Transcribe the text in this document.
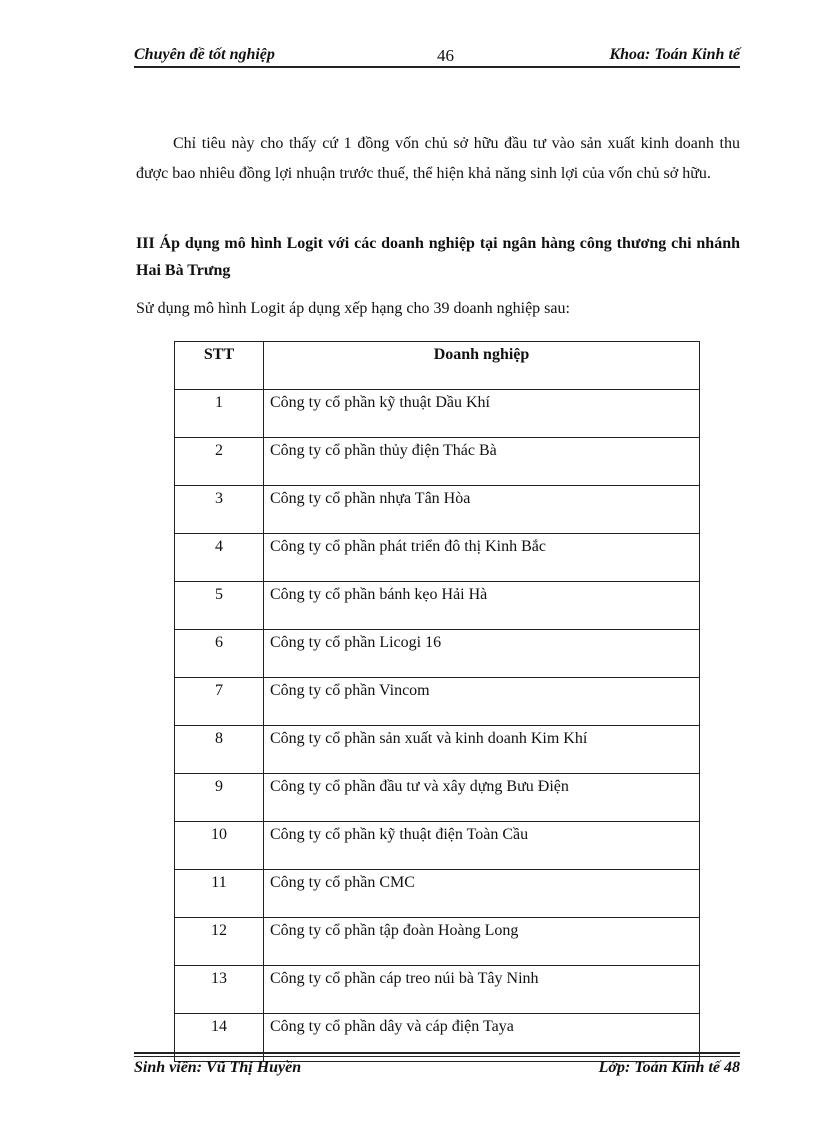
Chuyên đề tốt nghiệp	46	Khoa: Toán Kinh tế
Chỉ tiêu này cho thấy cứ 1 đồng vốn chủ sở hữu đầu tư vào sản xuất kinh doanh thu được bao nhiêu đồng lợi nhuận trước thuế, thể hiện khả năng sinh lợi của vốn chủ sở hữu.
III Áp dụng mô hình Logit với các doanh nghiệp tại ngân hàng công thương chi nhánh Hai Bà Trưng
Sử dụng mô hình Logit áp dụng xếp hạng cho 39 doanh nghiệp sau:
STT	Doanh nghiệp
1	Công ty cổ phần kỹ thuật Dầu Khí
2	Công ty cổ phần thủy điện Thác Bà
3	Công ty cổ phần nhựa Tân Hòa
4	Công ty cổ phần phát triển đô thị Kinh Bắc
5	Công ty cổ phần bánh kẹo Hải Hà
6	Công ty cổ phần Licogi 16
7	Công ty cổ phần Vincom
8	Công ty cổ phần sản xuất và kinh doanh Kim Khí
9	Công ty cổ phần đầu tư và xây dựng Bưu Điện
10	Công ty cổ phần kỹ thuật điện Toàn Cầu
11	Công ty cổ phần CMC
12	Công ty cổ phần tập đoàn Hoàng Long
13	Công ty cổ phần cáp treo núi bà Tây Ninh
14	Công ty cổ phần dây và cáp điện Taya
Sinh viên: Vũ Thị Huyền	Lớp: Toán Kinh tế 48
